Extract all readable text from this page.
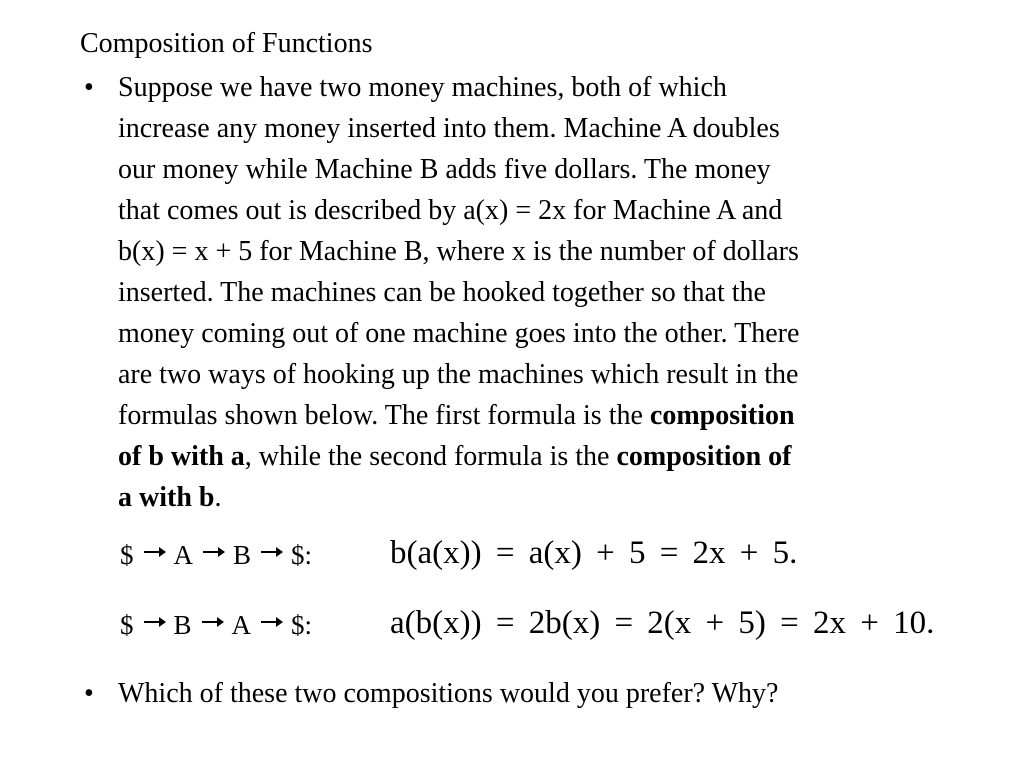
Composition of Functions
• Suppose we have two money machines, both of which
increase any money inserted into them. Machine A doubles
our money while Machine B adds five dollars. The money
that comes out is described by a(x) = 2x for Machine A and
b(x) = x + 5 for Machine B, where x is the number of dollars
inserted. The machines can be hooked together so that the
money coming out of one machine goes into the other. There
are two ways of hooking up the machines which result in the
formulas shown below. The first formula is the composition
of b with a, while the second formula is the composition of
a with b.
$ A B $: b(a(x)) = a(x) + 5 = 2x + 5.
$ B A $: a(b(x)) = 2b(x) = 2(x + 5) = 2x + 10.
• Which of these two compositions would you prefer? Why?
